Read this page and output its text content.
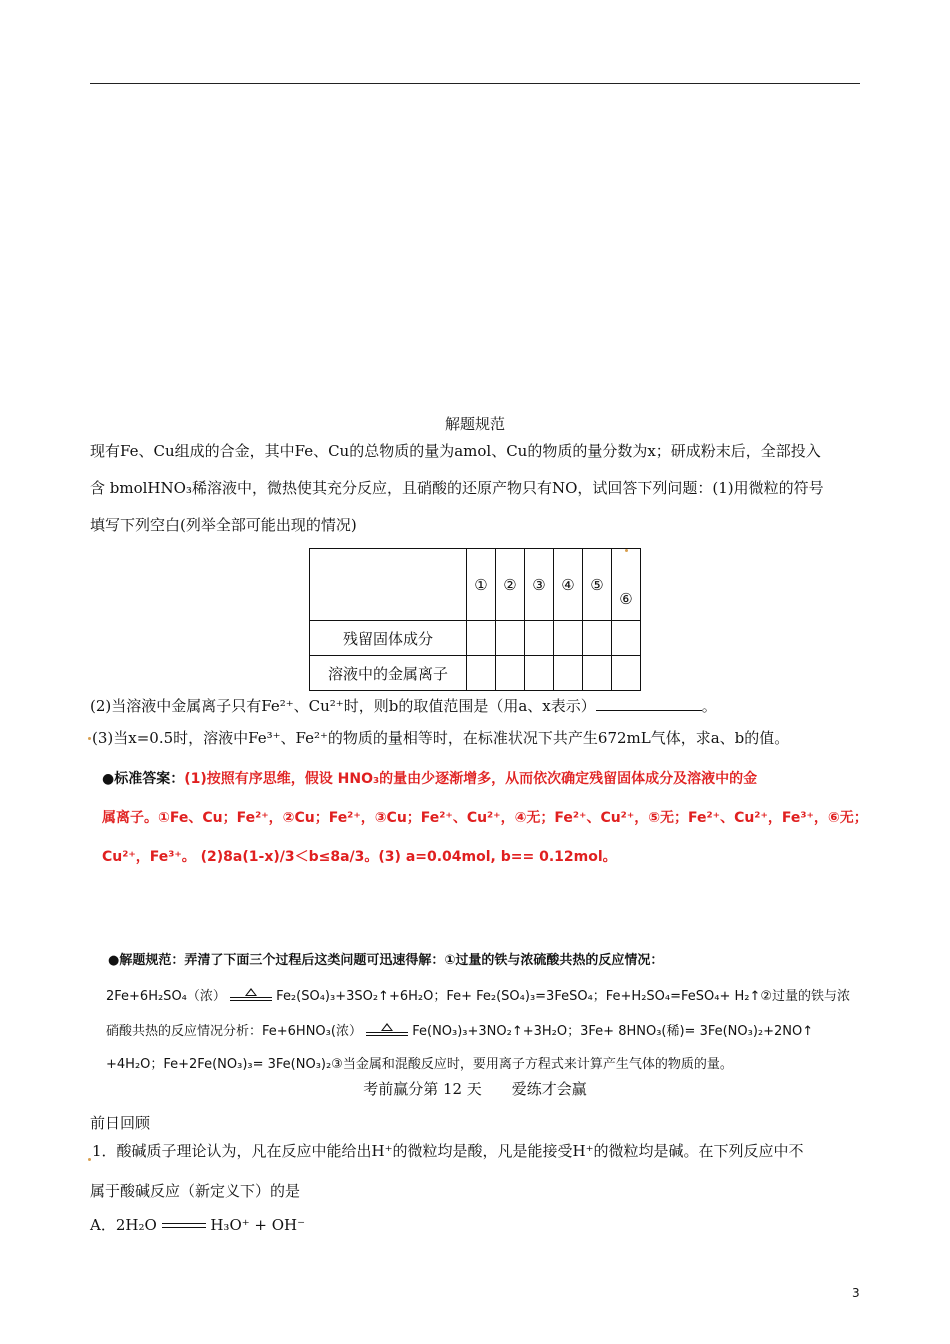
解题规范
现有Fe、Cu组成的合金，其中Fe、Cu的总物质的量为amol、Cu的物质的量分数为x；研成粉末后，全部投入
含 bmolHNO₃稀溶液中，微热使其充分反应，且硝酸的还原产物只有NO，试回答下列问题：(1)用微粒的符号
填写下列空白(列举全部可能出现的情况)
	①	②	③	④	⑤	⑥
残留固体成分						
溶液中的金属离子						
(2)当溶液中金属离子只有Fe²⁺、Cu²⁺时，则b的取值范围是（用a、x表示）	。
(3)当x=0.5时，溶液中Fe³⁺、Fe²⁺的物质的量相等时，在标准状况下共产生672mL气体，求a、b的值。
●标准答案：(1)按照有序思维，假设 HNO₃的量由少逐渐增多，从而依次确定残留固体成分及溶液中的金
属离子。①Fe、Cu；Fe²⁺，②Cu；Fe²⁺，③Cu；Fe²⁺、Cu²⁺，④无；Fe²⁺、Cu²⁺，⑤无；Fe²⁺、Cu²⁺，Fe³⁺，⑥无；
Cu²⁺，Fe³⁺。 (2)8a(1-x)/3＜b≤8a/3。(3) a=0.04mol, b== 0.12mol。
●解题规范：弄清了下面三个过程后这类问题可迅速得解：①过量的铁与浓硫酸共热的反应情况：
2Fe+6H₂SO₄（浓）	Fe₂(SO₄)₃+3SO₂↑+6H₂O；Fe+ Fe₂(SO₄)₃=3FeSO₄；Fe+H₂SO₄=FeSO₄+ H₂↑②过量的铁与浓
硝酸共热的反应情况分析：Fe+6HNO₃(浓）	Fe(NO₃)₃+3NO₂↑+3H₂O；3Fe+ 8HNO₃(稀)= 3Fe(NO₃)₂+2NO↑
+4H₂O；Fe+2Fe(NO₃)₃= 3Fe(NO₃)₂③当金属和混酸反应时，要用离子方程式来计算产生气体的物质的量。
考前赢分第 12 天　　爱练才会赢
前日回顾
1．酸碱质子理论认为，凡在反应中能给出H⁺的微粒均是酸，凡是能接受H⁺的微粒均是碱。在下列反应中不
属于酸碱反应（新定义下）的是
A．2H₂O	H₃O⁺ + OH⁻
3
